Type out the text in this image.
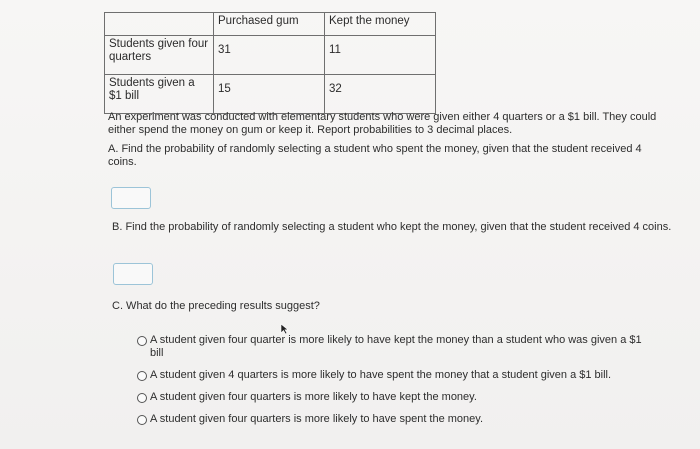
	Purchased gum	Kept the money
Students given four quarters	31	11
Students given a $1 bill	15	32
An experiment was conducted with elementary students who were given either 4 quarters or a $1 bill. They could either spend the money on gum or keep it. Report probabilities to 3 decimal places.
A. Find the probability of randomly selecting a student who spent the money, given that the student received 4 coins.
B. Find the probability of randomly selecting a student who kept the money, given that the student received 4 coins.
C. What do the preceding results suggest?
A student given four quarter is more likely to have kept the money than a student who was given a $1 bill
A student given 4 quarters is more likely to have spent the money that a student given a $1 bill.
A student given four quarters is more likely to have kept the money.
A student given four quarters is more likely to have spent the money.
